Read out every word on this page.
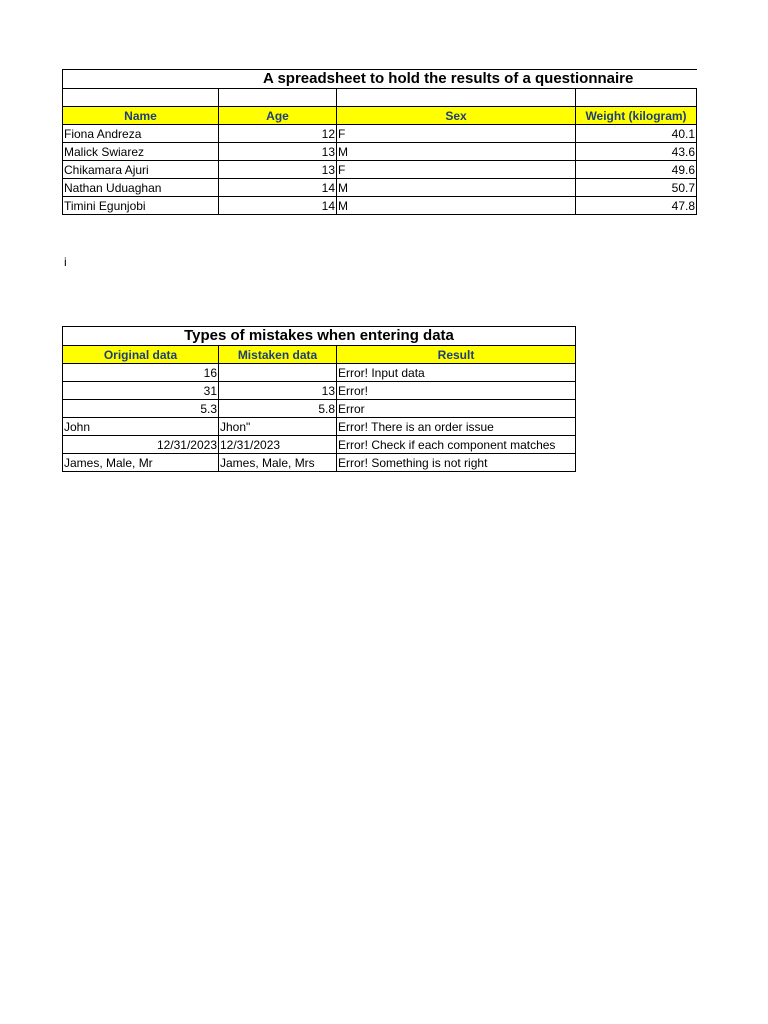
A spreadsheet to hold the results of a questionnaire			

Name	Age	Sex	Weight (kilogram)
Fiona Andreza	12	F	40.1
Malick Swiarez	13	M	43.6
Chikamara Ajuri	13	F	49.6
Nathan Uduaghan	14	M	50.7
Timini Egunjobi	14	M	47.8
i
Types of mistakes when entering data		
Original data	Mistaken data	Result
16		Error! Input data
31	13	Error!
5.3	5.8	Error
John	Jhon"	Error! There is an order issue
12/31/2023	12/31/2023	Error! Check if each component matches
James, Male, Mr	James, Male, Mrs	Error! Something is not right
